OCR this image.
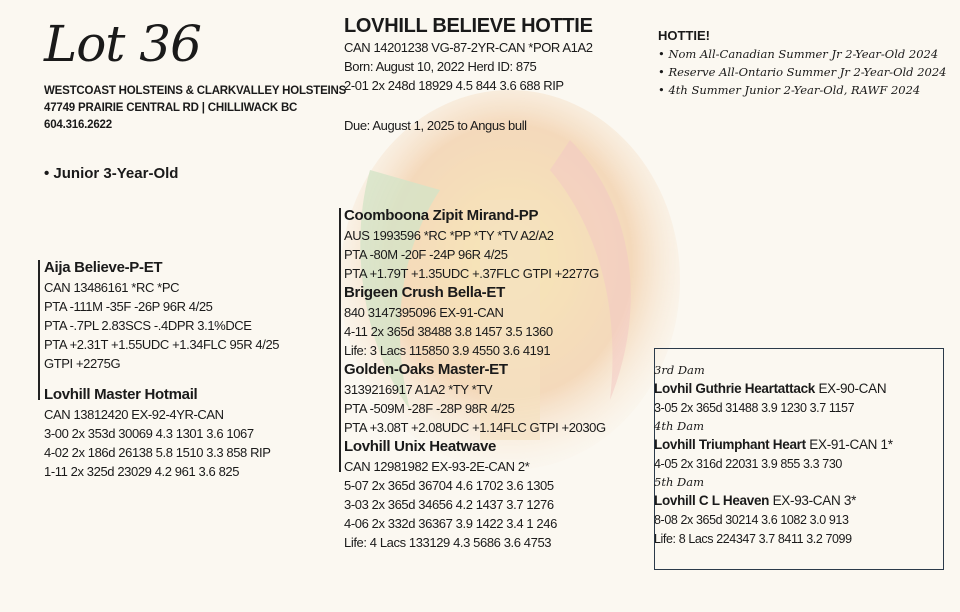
Lot 36
WESTCOAST HOLSTEINS & CLARKVALLEY HOLSTEINS
47749 PRAIRIE CENTRAL RD | CHILLIWACK BC
604.316.2622
• Junior 3-Year-Old
LOVHILL BELIEVE HOTTIE
CAN 14201238 VG-87-2YR-CAN *POR A1A2
Born: August 10, 2022 Herd ID: 875
2-01 2x 248d 18929 4.5 844 3.6 688 RIP
Due: August 1, 2025 to Angus bull
HOTTIE!
• Nom All-Canadian Summer Jr 2-Year-Old 2024
• Reserve All-Ontario Summer Jr 2-Year-Old 2024
• 4th Summer Junior 2-Year-Old, RAWF 2024
Coomboona Zipit Mirand-PP
AUS 1993596 *RC *PP *TY *TV A2/A2
PTA -80M -20F -24P 96R 4/25
PTA +1.79T +1.35UDC +.37FLC GTPI +2277G
Brigeen Crush Bella-ET
840 3147395096 EX-91-CAN
4-11 2x 365d 38488 3.8 1457 3.5 1360
Life: 3 Lacs 115850 3.9 4550 3.6 4191
Golden-Oaks Master-ET
3139216917 A1A2 *TY *TV
PTA -509M -28F -28P 98R 4/25
PTA +3.08T +2.08UDC +1.14FLC GTPI +2030G
Lovhill Unix Heatwave
CAN 12981982 EX-93-2E-CAN 2*
5-07 2x 365d 36704 4.6 1702 3.6 1305
3-03 2x 365d 34656 4.2 1437 3.7 1276
4-06 2x 332d 36367 3.9 1422 3.4 1 246
Life: 4 Lacs 133129 4.3 5686 3.6 4753
Aija Believe-P-ET
CAN 13486161 *RC *PC
PTA -111M -35F -26P 96R 4/25
PTA -.7PL 2.83SCS -.4DPR 3.1%DCE
PTA +2.31T +1.55UDC +1.34FLC 95R 4/25
GTPI +2275G
Lovhill Master Hotmail
CAN 13812420 EX-92-4YR-CAN
3-00 2x 353d 30069 4.3 1301 3.6 1067
4-02 2x 186d 26138 5.8 1510 3.3 858 RIP
1-11 2x 325d 23029 4.2 961 3.6 825
3rd Dam
Lovhil Guthrie Heartattack EX-90-CAN
3-05 2x 365d 31488 3.9 1230 3.7 1157
4th Dam
Lovhill Triumphant Heart EX-91-CAN 1*
4-05 2x 316d 22031 3.9 855 3.3 730
5th Dam
Lovhill C L Heaven EX-93-CAN 3*
8-08 2x 365d 30214 3.6 1082 3.0 913
Life: 8 Lacs 224347 3.7 8411 3.2 7099
